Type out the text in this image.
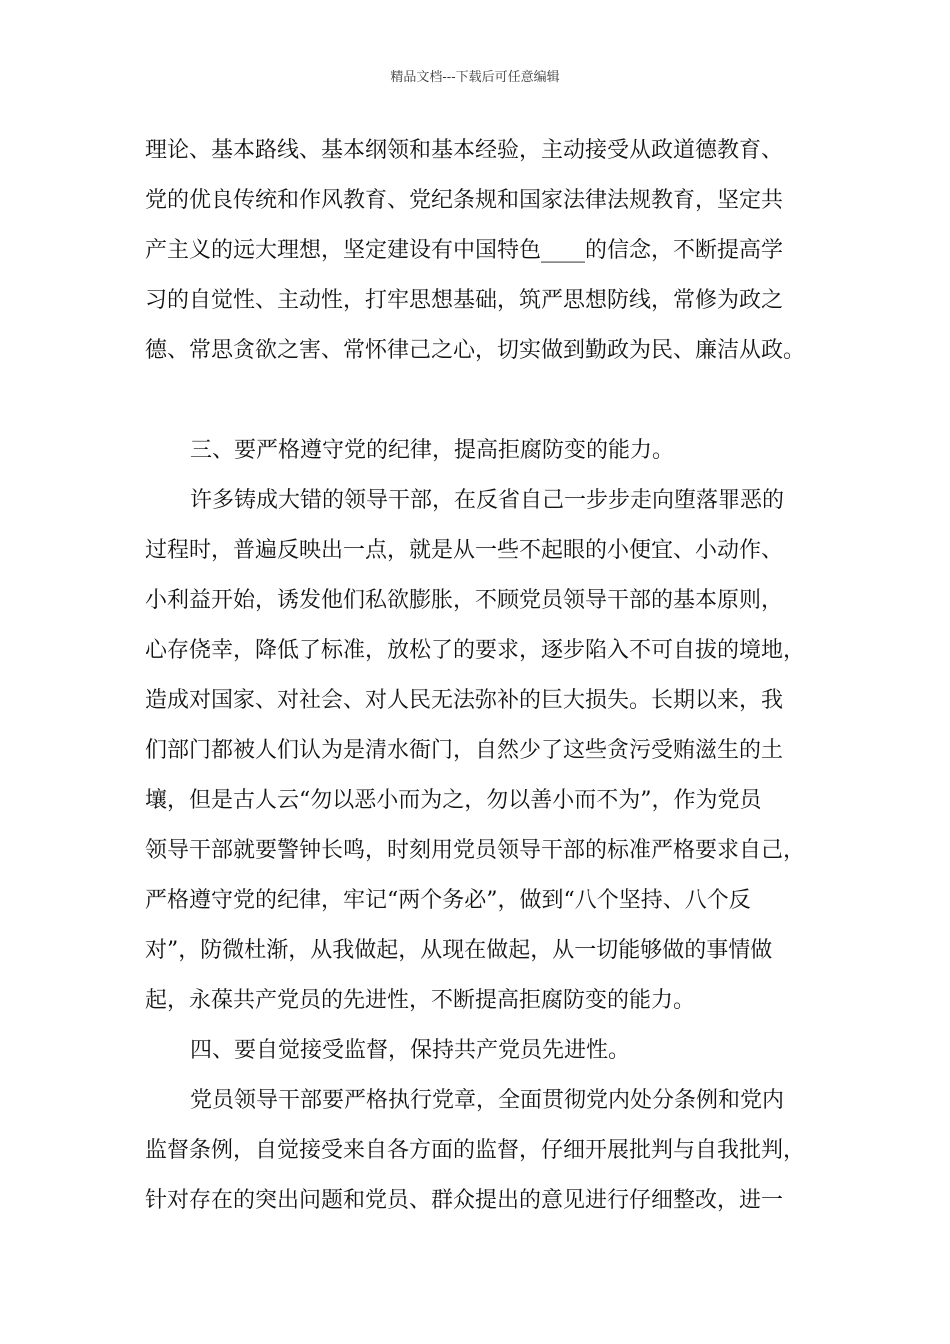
精品文档---下载后可任意编辑
理论、基本路线、基本纲领和基本经验，主动接受从政道德教育、
党的优良传统和作风教育、党纪条规和国家法律法规教育，坚定共
产主义的远大理想，坚定建设有中国特色____的信念，不断提高学
习的自觉性、主动性，打牢思想基础，筑严思想防线，常修为政之
德、常思贪欲之害、常怀律己之心，切实做到勤政为民、廉洁从政。
三、要严格遵守党的纪律，提高拒腐防变的能力。
许多铸成大错的领导干部，在反省自己一步步走向堕落罪恶的
过程时，普遍反映出一点，就是从一些不起眼的小便宜、小动作、
小利益开始，诱发他们私欲膨胀，不顾党员领导干部的基本原则，
心存侥幸，降低了标准，放松了的要求，逐步陷入不可自拔的境地，
造成对国家、对社会、对人民无法弥补的巨大损失。长期以来，我
们部门都被人们认为是清水衙门，自然少了这些贪污受贿滋生的土
壤，但是古人云“勿以恶小而为之，勿以善小而不为”，作为党员
领导干部就要警钟长鸣，时刻用党员领导干部的标准严格要求自己，
严格遵守党的纪律，牢记“两个务必”，做到“八个坚持、八个反
对”，防微杜渐，从我做起，从现在做起，从一切能够做的事情做
起，永葆共产党员的先进性，不断提高拒腐防变的能力。
四、要自觉接受监督，保持共产党员先进性。
党员领导干部要严格执行党章，全面贯彻党内处分条例和党内
监督条例，自觉接受来自各方面的监督，仔细开展批判与自我批判，
针对存在的突出问题和党员、群众提出的意见进行仔细整改，进一
